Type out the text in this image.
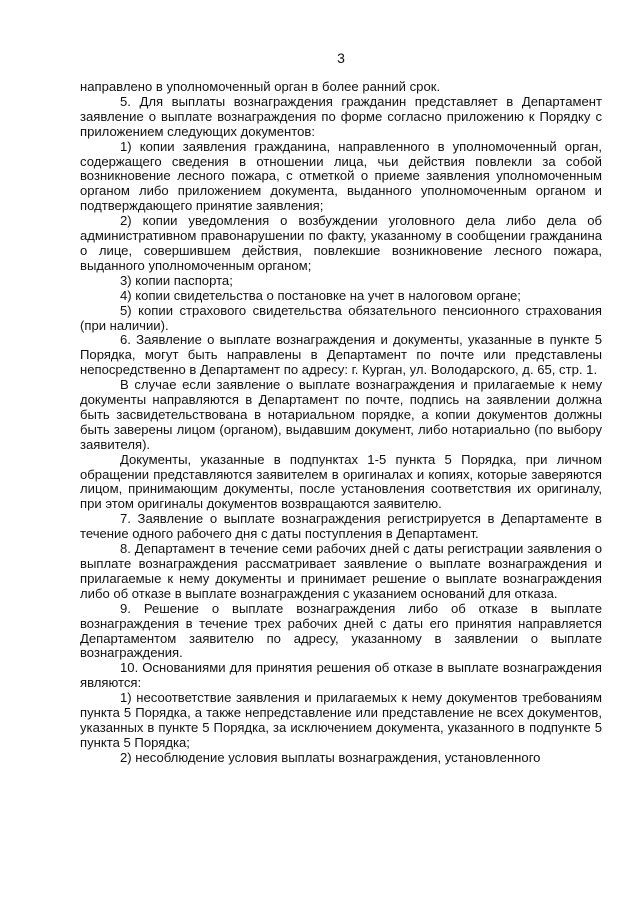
3

направлено в уполномоченный орган в более ранний срок.

5. Для выплаты вознаграждения гражданин представляет в Департамент заявление о выплате вознаграждения по форме согласно приложению к Порядку с приложением следующих документов:

1) копии заявления гражданина, направленного в уполномоченный орган, содержащего сведения в отношении лица, чьи действия повлекли за собой возникновение лесного пожара, с отметкой о приеме заявления уполномоченным органом либо приложением документа, выданного уполномоченным органом и подтверждающего принятие заявления;

2) копии уведомления о возбуждении уголовного дела либо дела об административном правонарушении по факту, указанному в сообщении гражданина о лице, совершившем действия, повлекшие возникновение лесного пожара, выданного уполномоченным органом;

3) копии паспорта;

4) копии свидетельства о постановке на учет в налоговом органе;

5) копии страхового свидетельства обязательного пенсионного страхования (при наличии).

6. Заявление о выплате вознаграждения и документы, указанные в пункте 5 Порядка, могут быть направлены в Департамент по почте или представлены непосредственно в Департамент по адресу: г. Курган, ул. Володарского, д. 65, стр. 1.

В случае если заявление о выплате вознаграждения и прилагаемые к нему документы направляются в Департамент по почте, подпись на заявлении должна быть засвидетельствована в нотариальном порядке, а копии документов должны быть заверены лицом (органом), выдавшим документ, либо нотариально (по выбору заявителя).

Документы, указанные в подпунктах 1-5 пункта 5 Порядка, при личном обращении представляются заявителем в оригиналах и копиях, которые заверяются лицом, принимающим документы, после установления соответствия их оригиналу, при этом оригиналы документов возвращаются заявителю.

7. Заявление о выплате вознаграждения регистрируется в Департаменте в течение одного рабочего дня с даты поступления в Департамент.

8. Департамент в течение семи рабочих дней с даты регистрации заявления о выплате вознаграждения рассматривает заявление о выплате вознаграждения и прилагаемые к нему документы и принимает решение о выплате вознаграждения либо об отказе в выплате вознаграждения с указанием оснований для отказа.

9. Решение о выплате вознаграждения либо об отказе в выплате вознаграждения в течение трех рабочих дней с даты его принятия направляется Департаментом заявителю по адресу, указанному в заявлении о выплате вознаграждения.

10. Основаниями для принятия решения об отказе в выплате вознаграждения являются:

1) несоответствие заявления и прилагаемых к нему документов требованиям пункта 5 Порядка, а также непредставление или представление не всех документов, указанных в пункте 5 Порядка, за исключением документа, указанного в подпункте 5 пункта 5 Порядка;

2) несоблюдение условия выплаты вознаграждения, установленного
